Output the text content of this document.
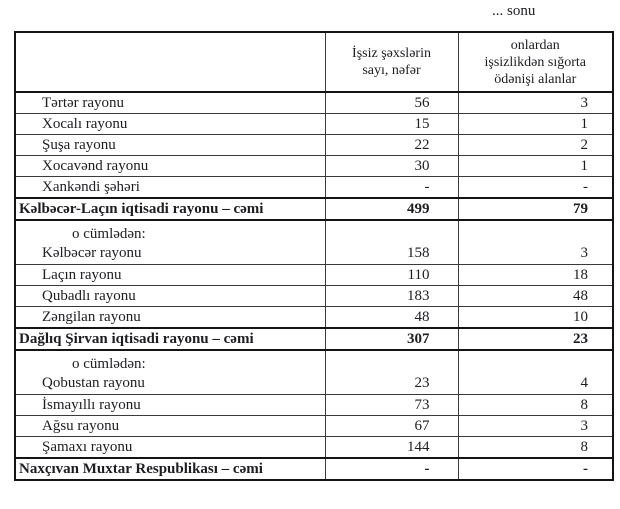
... sonu

İşsiz şəxslərin
sayı, nəfər

onlardan
işsizlikdən sığorta
ödənişi alanlar

Tərtər rayonu	56	3
Xocalı rayonu	15	1
Şuşa rayonu	22	2
Xocavənd rayonu	30	1
Xankəndi şəhəri	-	-
Kəlbəcər-Laçın iqtisadi rayonu – cəmi	499	79

o cümlədən:
Kəlbəcər rayonu	158	3
Laçın rayonu	110	18
Qubadlı rayonu	183	48
Zəngilan rayonu	48	10
Dağlıq Şirvan iqtisadi rayonu – cəmi	307	23

o cümlədən:
Qobustan rayonu	23	4
İsmayıllı rayonu	73	8
Ağsu rayonu	67	3
Şamaxı rayonu	144	8
Naxçıvan Muxtar Respublikası – cəmi	-	-
